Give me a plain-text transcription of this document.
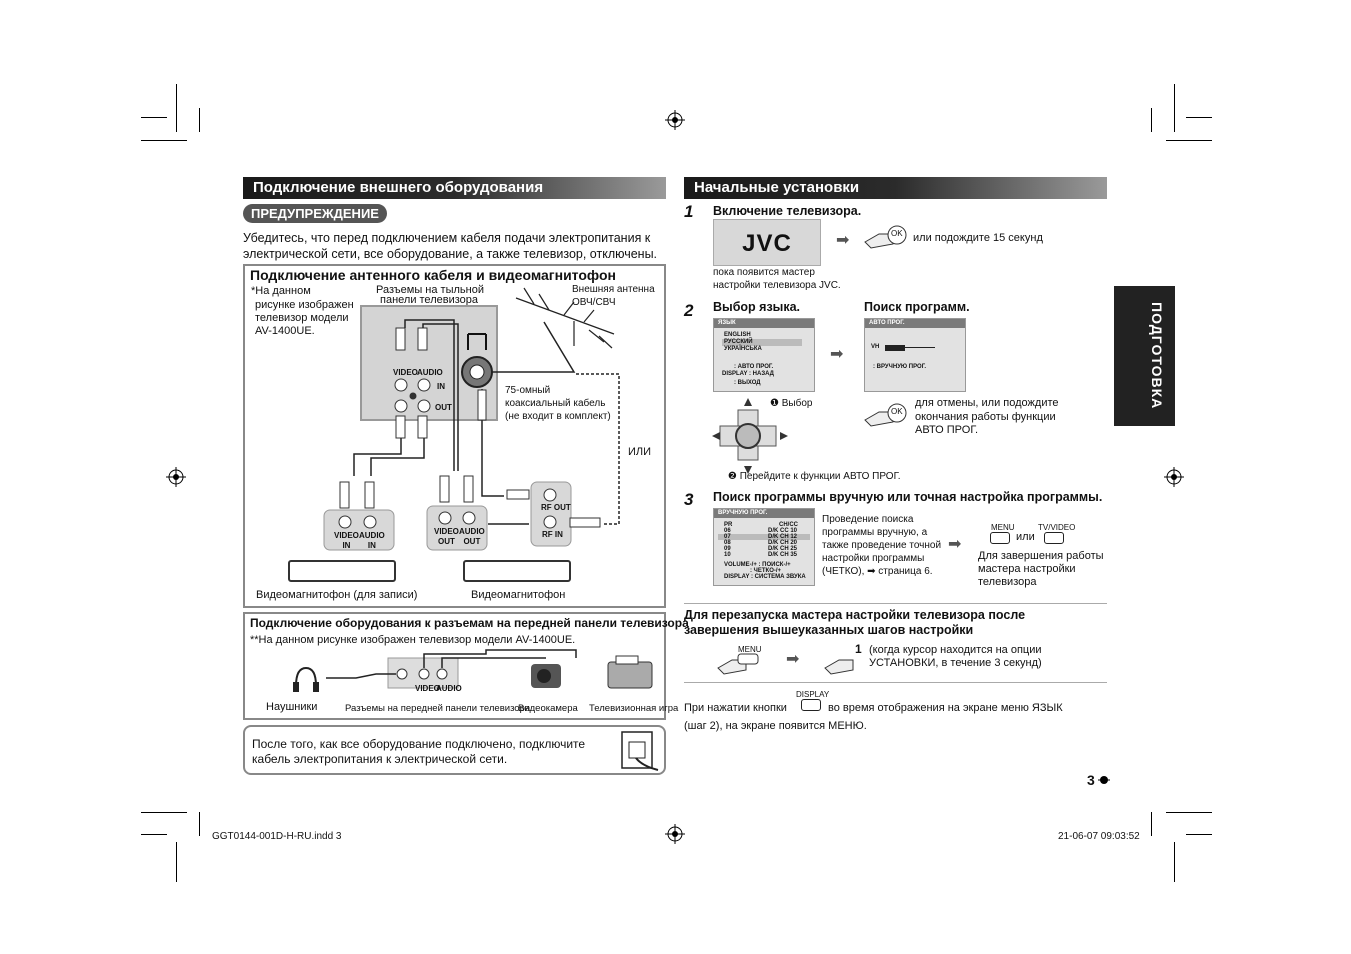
Подключение внешнего оборудования
ПРЕДУПРЕЖДЕНИЕ
Убедитесь, что перед подключением кабеля подачи электропитания к
электрической сети, все оборудование, а также телевизор, отключены.
Подключение антенного кабеля и видеомагнитофон
*На данном
рисунке изображен
телевизор модели
AV-1400UE.
Разъемы на тыльной
панели телевизора
Внешняя антенна
ОВЧ/СВЧ
75-омный
коаксиальный кабель
(не входит в комплект)
ИЛИ
VIDEO AUDIO
IN
OUT
RF OUT
RF IN
VIDEO
IN
AUDIO
IN
VIDEO
OUT
AUDIO
OUT
Видеомагнитофон (для записи)	Видеомагнитофон
Подключение оборудования к разъемам на передней панели телевизора
**На данном рисунке изображен телевизор модели AV-1400UE.
VIDEO
AUDIO
Наушники	Разъемы на передней панели телевизора
Видеокамера Телевизионная игра
После того, как все оборудование подключено, подключите
кабель электропитания к электрической сети.
Начальные установки
ПОДГОТОВКА
1 Включение телевизора.
JVC	➡	OK или подождите 15 секунд
пока появится мастер
настройки телевизора JVC.
2 Выбор языка.	Поиск программ.
ЯЗЫК
ENGLISH
РУССКИЙ
УКРАЇНСЬКА
: АВТО ПРОГ.
DISPLAY : НАЗАД
: ВЫХОД
➡
АВТО ПРОГ.
VH
: ВРУЧНУЮ ПРОГ.
❶ Выбор
❷ Перейдите к функции АВТО ПРОГ.
OK
для отмены, или подождите
окончания работы функции
АВТО ПРОГ.
3 Поиск программы вручную или точная настройка программы.
ВРУЧНУЮ ПРОГ.
PR	CH/CC
06	D/K CC 10
07	D/K CH 12
08	D/K CH 20
09	D/K CH 25
10	D/K CH 35
VOLUME-/+ : ПОИСК-/+
: ЧЕТКО-/+
DISPLAY : СИСТЕМА ЗВУКА
Проведение поиска
программы вручную, а
также проведение точной
настройки программы
(ЧЕТКО), ➡ страница 6.
➡
MENU
или
TV/VIDEO
Для завершения работы
мастера настройки
телевизора
Для перезапуска мастера настройки телевизора после
завершения вышеуказанных шагов настройки
MENU
➡
1 (когда курсор находится на опции
УСТАНОВКИ, в течение 3 секунд)
При нажатии кнопки
DISPLAY
во время отображения на экране меню ЯЗЫК
(шаг 2), на экране появится МЕНЮ.
3
GGT0144-001D-H-RU.indd 3	21-06-07 09:03:52
